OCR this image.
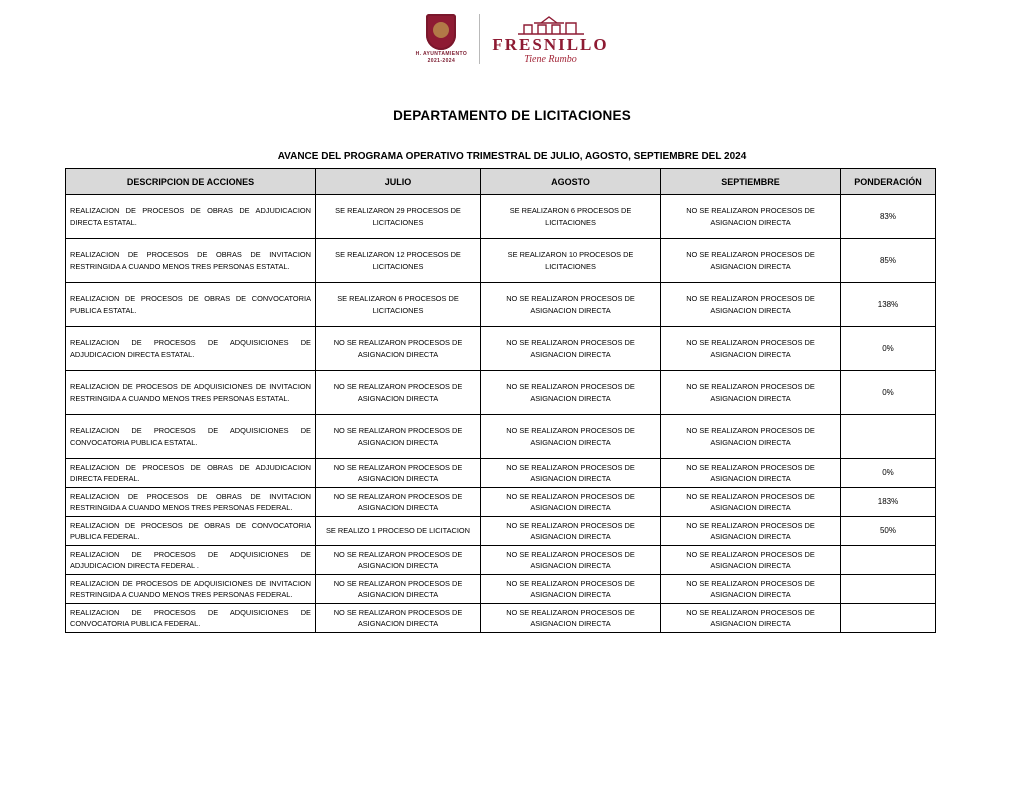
H. AYUNTAMIENTO
2021-2024
FRESNILLO
Tiene Rumbo
DEPARTAMENTO DE LICITACIONES
AVANCE DEL PROGRAMA OPERATIVO TRIMESTRAL DE JULIO, AGOSTO, SEPTIEMBRE DEL 2024
DESCRIPCION DE ACCIONES	JULIO	AGOSTO	SEPTIEMBRE	PONDERACIÓN
REALIZACION DE PROCESOS DE OBRAS DE ADJUDICACION DIRECTA ESTATAL.	SE REALIZARON 29 PROCESOS DE LICITACIONES	SE REALIZARON 6 PROCESOS DE LICITACIONES	NO SE REALIZARON PROCESOS DE ASIGNACION DIRECTA	83%
REALIZACION DE PROCESOS DE OBRAS DE INVITACION RESTRINGIDA A CUANDO MENOS TRES PERSONAS ESTATAL.	SE REALIZARON 12 PROCESOS DE LICITACIONES	SE REALIZARON 10 PROCESOS DE LICITACIONES	NO SE REALIZARON PROCESOS DE ASIGNACION DIRECTA	85%
REALIZACION DE PROCESOS DE OBRAS DE CONVOCATORIA PUBLICA ESTATAL.	SE REALIZARON 6 PROCESOS DE LICITACIONES	NO SE REALIZARON PROCESOS DE ASIGNACION DIRECTA	NO SE REALIZARON PROCESOS DE ASIGNACION DIRECTA	138%
REALIZACION DE PROCESOS DE ADQUISICIONES DE ADJUDICACION DIRECTA ESTATAL.	NO SE REALIZARON PROCESOS DE ASIGNACION DIRECTA	NO SE REALIZARON PROCESOS DE ASIGNACION DIRECTA	NO SE REALIZARON PROCESOS DE ASIGNACION DIRECTA	0%
REALIZACION DE PROCESOS DE ADQUISICIONES DE INVITACION RESTRINGIDA A CUANDO MENOS TRES PERSONAS ESTATAL.	NO SE REALIZARON PROCESOS DE ASIGNACION DIRECTA	NO SE REALIZARON PROCESOS DE ASIGNACION DIRECTA	NO SE REALIZARON PROCESOS DE ASIGNACION DIRECTA	0%
REALIZACION DE PROCESOS DE ADQUISICIONES DE CONVOCATORIA PUBLICA ESTATAL.	NO SE REALIZARON PROCESOS DE ASIGNACION DIRECTA	NO SE REALIZARON PROCESOS DE ASIGNACION DIRECTA	NO SE REALIZARON PROCESOS DE ASIGNACION DIRECTA	
REALIZACION DE PROCESOS DE OBRAS DE ADJUDICACION DIRECTA FEDERAL.	NO SE REALIZARON PROCESOS DE ASIGNACION DIRECTA	NO SE REALIZARON PROCESOS DE ASIGNACION DIRECTA	NO SE REALIZARON PROCESOS DE ASIGNACION DIRECTA	0%
REALIZACION DE PROCESOS DE OBRAS DE INVITACION RESTRINGIDA A CUANDO MENOS TRES PERSONAS FEDERAL.	NO SE REALIZARON PROCESOS DE ASIGNACION DIRECTA	NO SE REALIZARON PROCESOS DE ASIGNACION DIRECTA	NO SE REALIZARON PROCESOS DE ASIGNACION DIRECTA	183%
REALIZACION DE PROCESOS DE OBRAS DE CONVOCATORIA PUBLICA FEDERAL.	SE REALIZO 1 PROCESO DE LICITACION	NO SE REALIZARON PROCESOS DE ASIGNACION DIRECTA	NO SE REALIZARON PROCESOS DE ASIGNACION DIRECTA	50%
REALIZACION DE PROCESOS DE ADQUISICIONES DE ADJUDICACION DIRECTA FEDERAL .	NO SE REALIZARON PROCESOS DE ASIGNACION DIRECTA	NO SE REALIZARON PROCESOS DE ASIGNACION DIRECTA	NO SE REALIZARON PROCESOS DE ASIGNACION DIRECTA	
REALIZACION DE PROCESOS DE ADQUISICIONES DE INVITACION RESTRINGIDA A CUANDO MENOS TRES PERSONAS FEDERAL.	NO SE REALIZARON PROCESOS DE ASIGNACION DIRECTA	NO SE REALIZARON PROCESOS DE ASIGNACION DIRECTA	NO SE REALIZARON PROCESOS DE ASIGNACION DIRECTA	
REALIZACION DE PROCESOS DE ADQUISICIONES DE CONVOCATORIA PUBLICA FEDERAL.	NO SE REALIZARON PROCESOS DE ASIGNACION DIRECTA	NO SE REALIZARON PROCESOS DE ASIGNACION DIRECTA	NO SE REALIZARON PROCESOS DE ASIGNACION DIRECTA	
